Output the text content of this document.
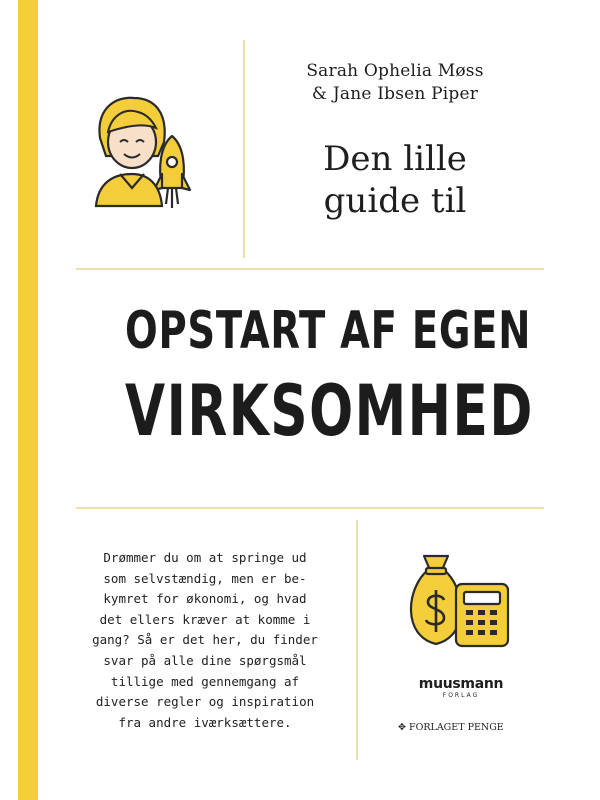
Sarah Ophelia Møss
& Jane Ibsen Piper
Den lille
guide til
OPSTART AF EGEN
VIRKSOMHED
Drømmer du om at springe ud
som selvstændig, men er be-
kymret for økonomi, og hvad
det ellers kræver at komme i
gang? Så er det her, du finder
svar på alle dine spørgsmål
tillige med gennemgang af
diverse regler og inspiration
fra andre iværksættere.
muusmann
FORLAG
✥ FORLAGET PENGE
